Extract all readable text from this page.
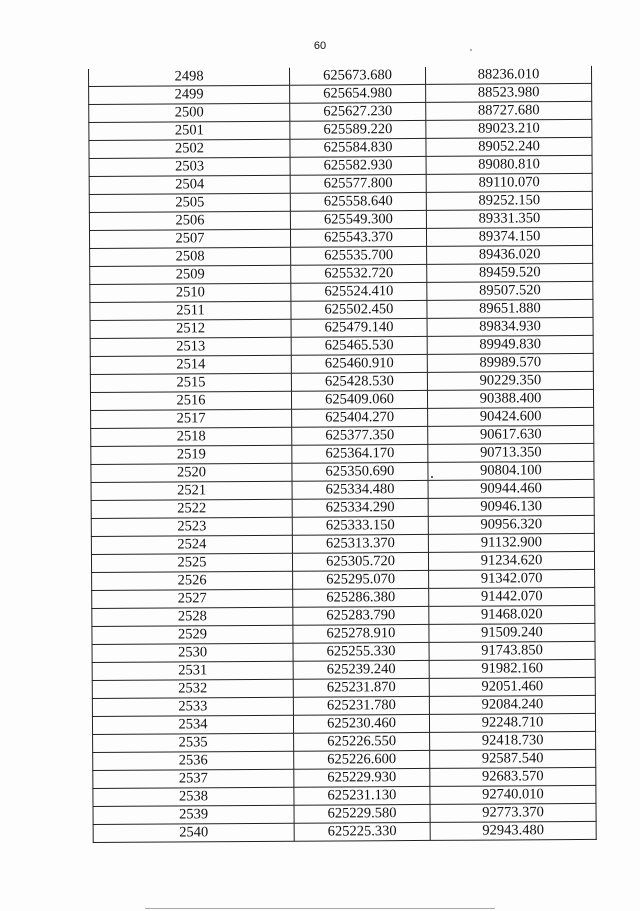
60
2498	625673.680	88236.010
2499	625654.980	88523.980
2500	625627.230	88727.680
2501	625589.220	89023.210
2502	625584.830	89052.240
2503	625582.930	89080.810
2504	625577.800	89110.070
2505	625558.640	89252.150
2506	625549.300	89331.350
2507	625543.370	89374.150
2508	625535.700	89436.020
2509	625532.720	89459.520
2510	625524.410	89507.520
2511	625502.450	89651.880
2512	625479.140	89834.930
2513	625465.530	89949.830
2514	625460.910	89989.570
2515	625428.530	90229.350
2516	625409.060	90388.400
2517	625404.270	90424.600
2518	625377.350	90617.630
2519	625364.170	90713.350
2520	625350.690	90804.100
2521	625334.480	90944.460
2522	625334.290	90946.130
2523	625333.150	90956.320
2524	625313.370	91132.900
2525	625305.720	91234.620
2526	625295.070	91342.070
2527	625286.380	91442.070
2528	625283.790	91468.020
2529	625278.910	91509.240
2530	625255.330	91743.850
2531	625239.240	91982.160
2532	625231.870	92051.460
2533	625231.780	92084.240
2534	625230.460	92248.710
2535	625226.550	92418.730
2536	625226.600	92587.540
2537	625229.930	92683.570
2538	625231.130	92740.010
2539	625229.580	92773.370
2540	625225.330	92943.480
